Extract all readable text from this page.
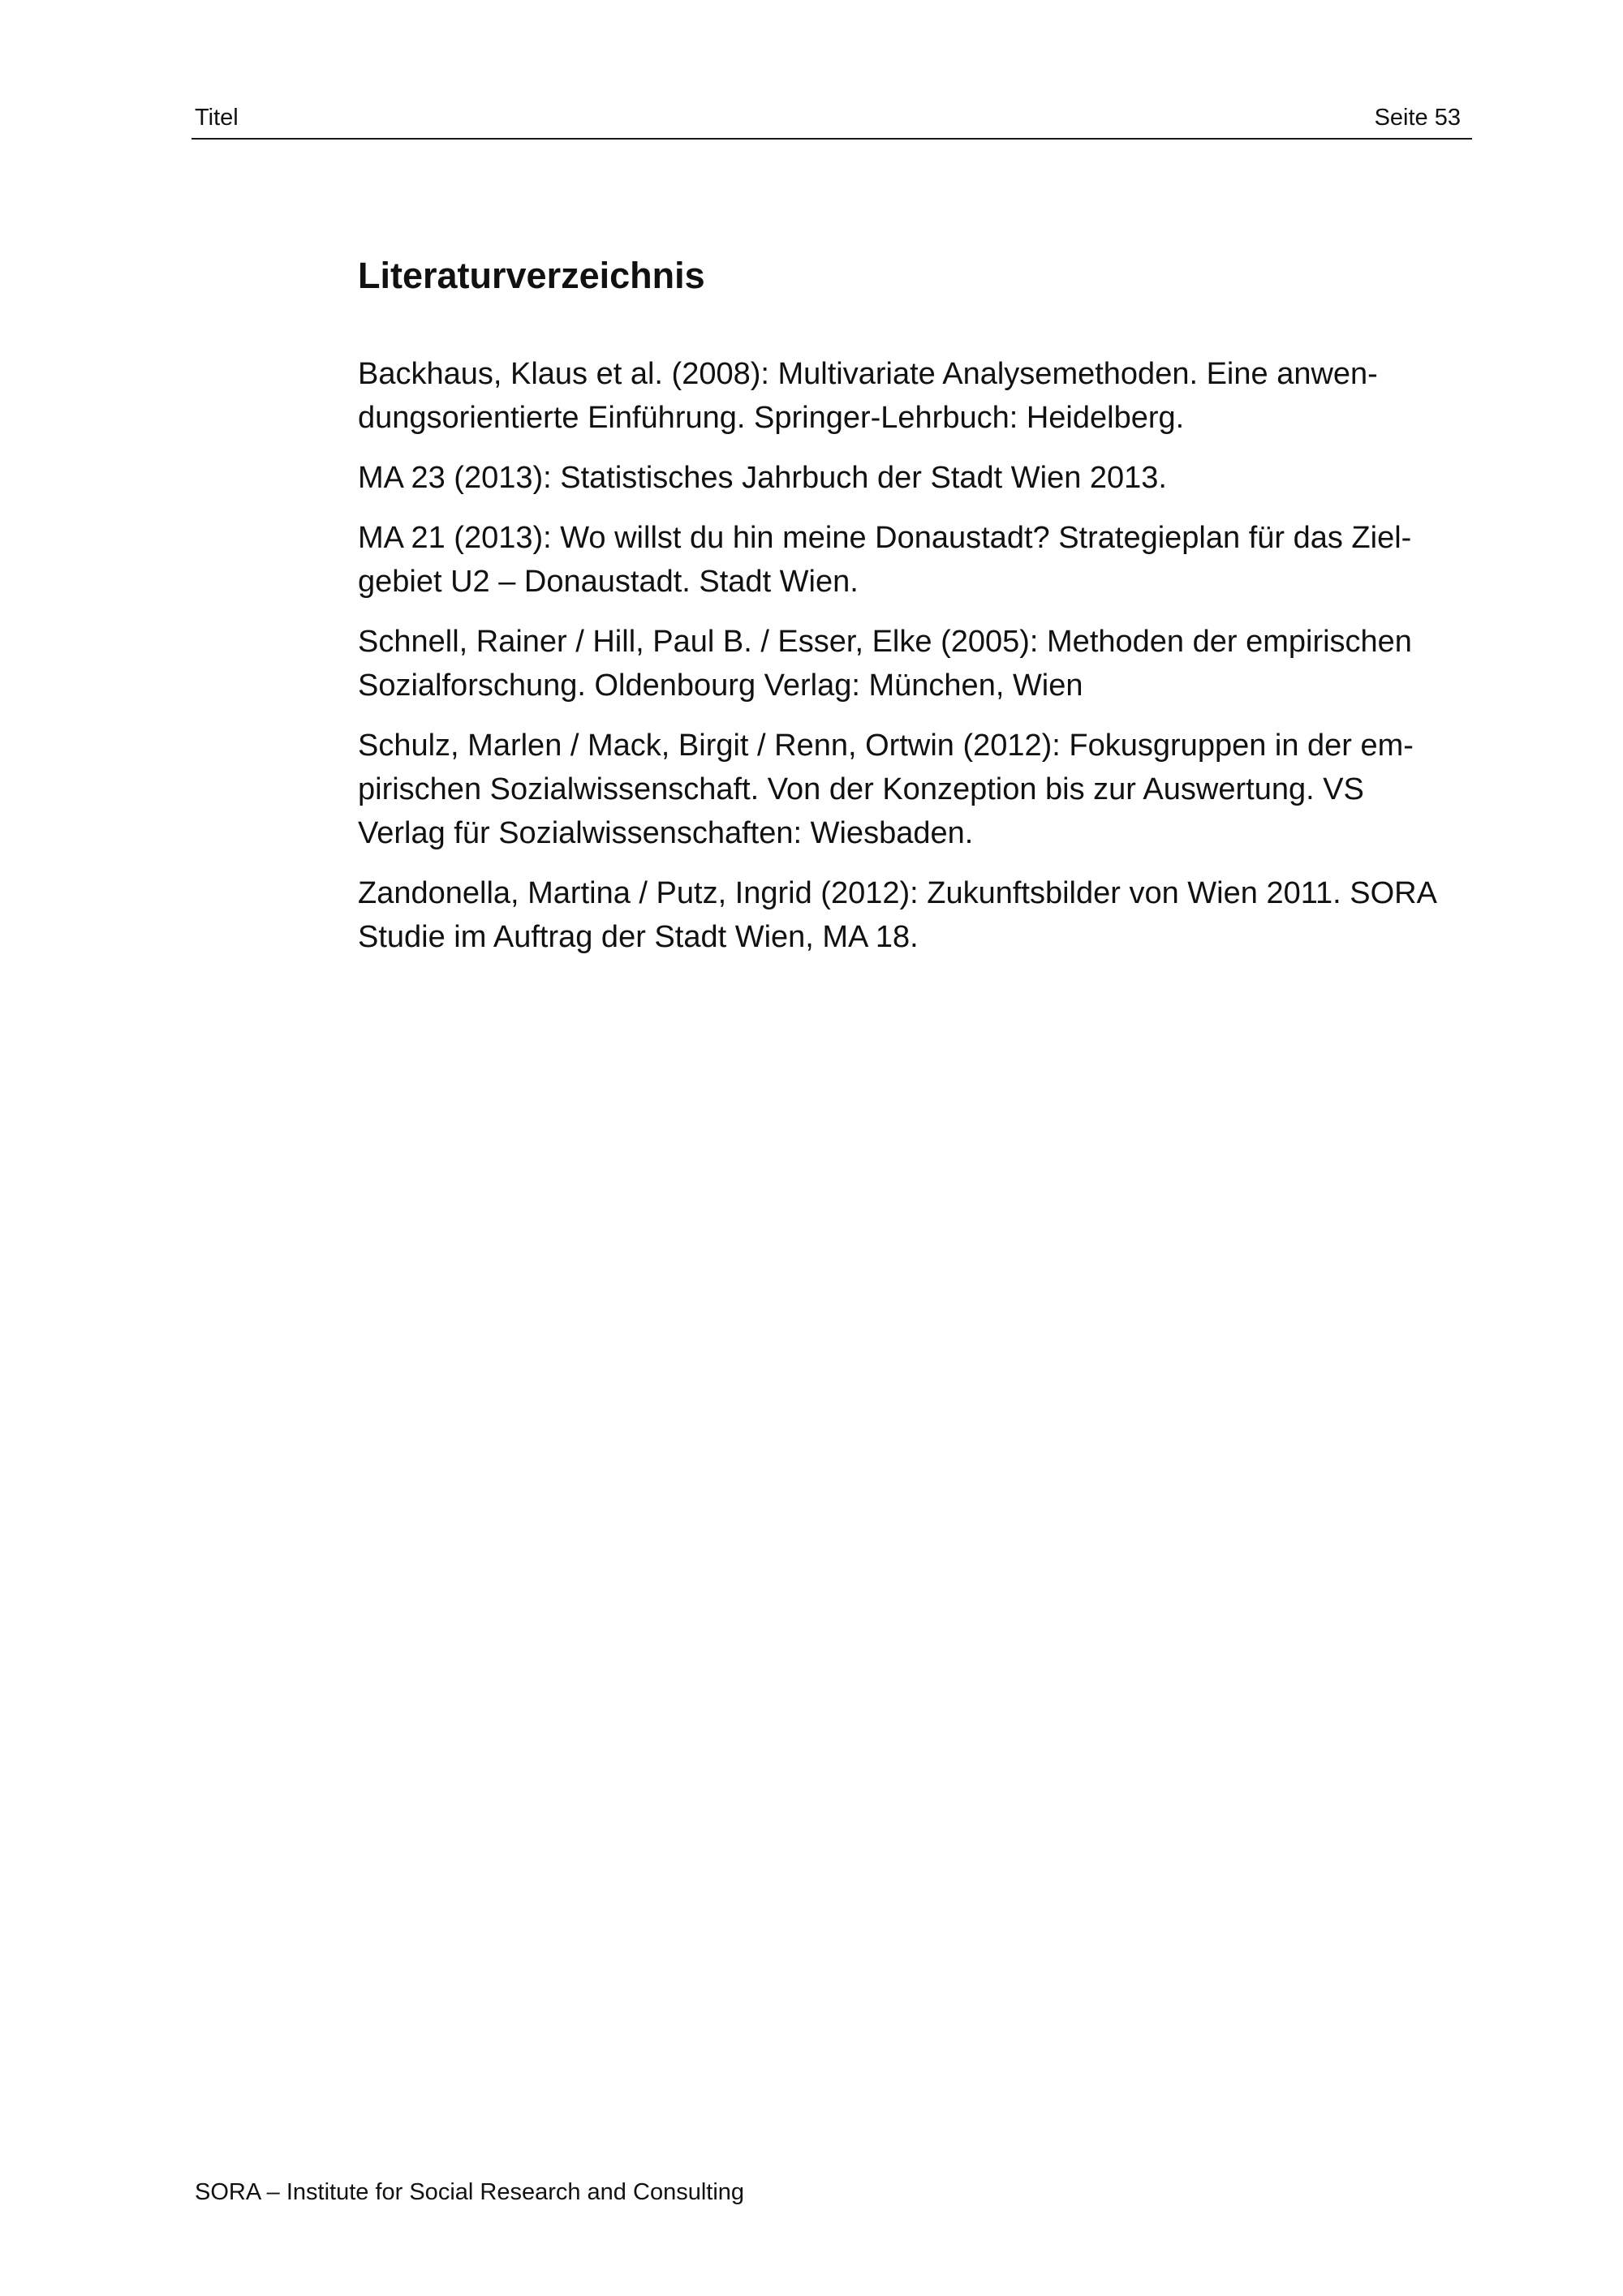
Titel	Seite 53
Literaturverzeichnis

Backhaus, Klaus et al. (2008): Multivariate Analysemethoden. Eine anwen-dungsorientierte Einführung. Springer-Lehrbuch: Heidelberg.

MA 23 (2013): Statistisches Jahrbuch der Stadt Wien 2013.

MA 21 (2013): Wo willst du hin meine Donaustadt? Strategieplan für das Ziel-gebiet U2 – Donaustadt. Stadt Wien.

Schnell, Rainer / Hill, Paul B. / Esser, Elke (2005): Methoden der empirischen Sozialforschung. Oldenbourg Verlag: München, Wien

Schulz, Marlen / Mack, Birgit / Renn, Ortwin (2012): Fokusgruppen in der em-pirischen Sozialwissenschaft. Von der Konzeption bis zur Auswertung. VS Verlag für Sozialwissenschaften: Wiesbaden.

Zandonella, Martina / Putz, Ingrid (2012): Zukunftsbilder von Wien 2011. SORA Studie im Auftrag der Stadt Wien, MA 18.

SORA – Institute for Social Research and Consulting
